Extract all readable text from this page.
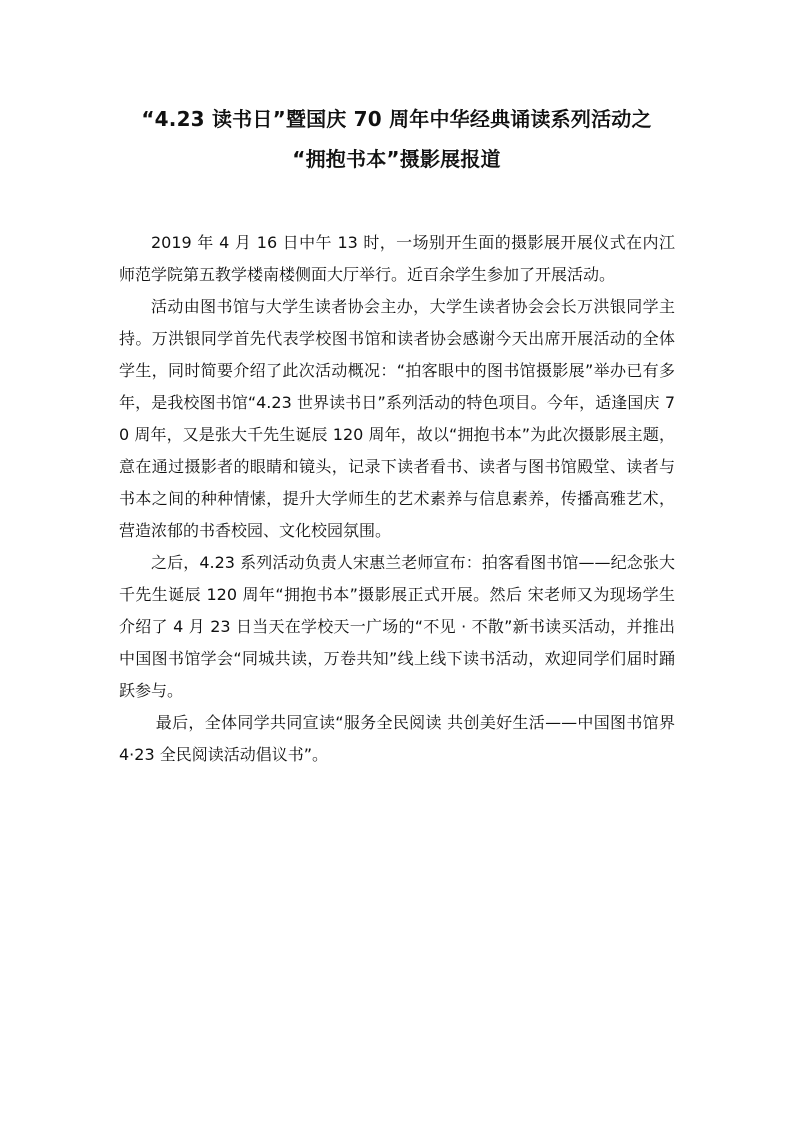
“4.23 读书日”暨国庆 70 周年中华经典诵读系列活动之
“拥抱书本”摄影展报道

2019 年 4 月 16 日中午 13 时，一场别开生面的摄影展开展仪式在内江师范学院第五教学楼南楼侧面大厅举行。近百余学生参加了开展活动。

活动由图书馆与大学生读者协会主办，大学生读者协会会长万洪银同学主持。万洪银同学首先代表学校图书馆和读者协会感谢今天出席开展活动的全体学生，同时简要介绍了此次活动概况：“拍客眼中的图书馆摄影展”举办已有多年，是我校图书馆“4.23 世界读书日”系列活动的特色项目。今年，适逢国庆 70 周年，又是张大千先生诞辰 120 周年，故以“拥抱书本”为此次摄影展主题，意在通过摄影者的眼睛和镜头，记录下读者看书、读者与图书馆殿堂、读者与书本之间的种种情愫，提升大学师生的艺术素养与信息素养，传播高雅艺术，营造浓郁的书香校园、文化校园氛围。

之后，4.23 系列活动负责人宋惠兰老师宣布：拍客看图书馆——纪念张大千先生诞辰 120 周年“拥抱书本”摄影展正式开展。然后 宋老师又为现场学生介绍了 4 月 23 日当天在学校天一广场的“不见 · 不散”新书读买活动，并推出中国图书馆学会“同城共读，万卷共知”线上线下读书活动，欢迎同学们届时踊跃参与。

最后，全体同学共同宣读“服务全民阅读 共创美好生活——中国图书馆界 4·23 全民阅读活动倡议书”。
